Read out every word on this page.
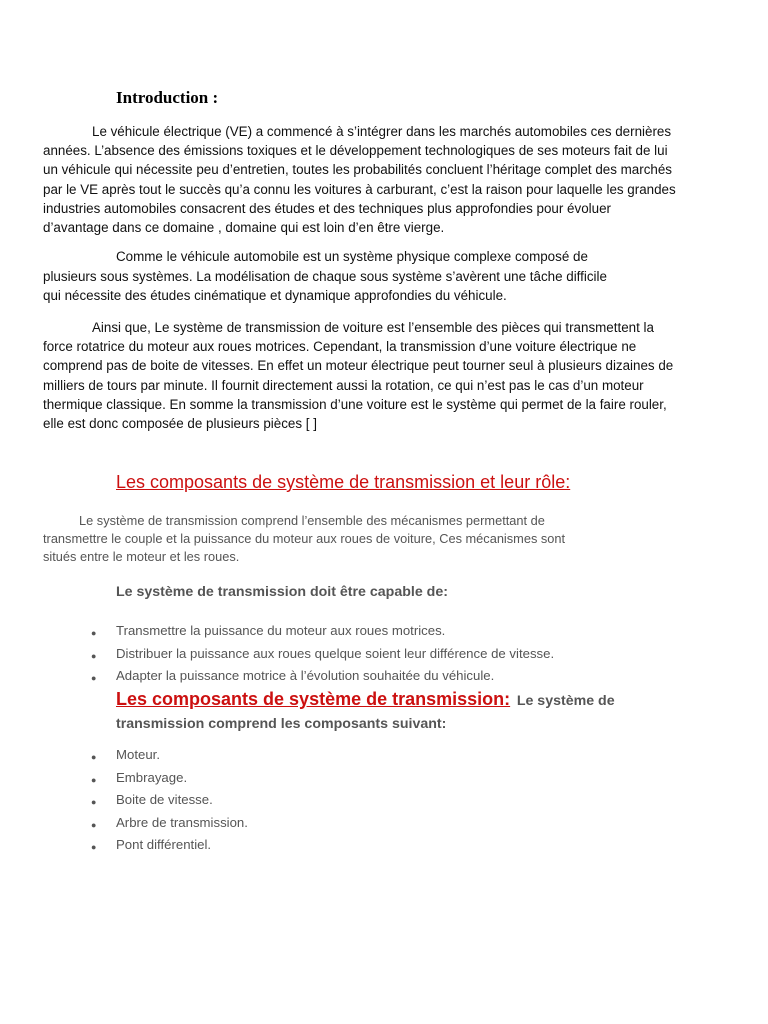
Introduction :

Le véhicule électrique (VE) a commencé à s’intégrer dans les marchés automobiles ces dernières
années. L’absence des émissions toxiques et le développement technologiques de ses moteurs fait de lui
un véhicule qui nécessite peu d’entretien, toutes les probabilités concluent l’héritage complet des marchés
par le VE après tout le succès qu’a connu les voitures à carburant, c’est la raison pour laquelle les grandes
industries automobiles consacrent des études et des techniques plus approfondies pour évoluer
d’avantage dans ce domaine , domaine qui est loin d’en être vierge.

Comme le véhicule automobile est un système physique complexe composé de
plusieurs sous systèmes. La modélisation de chaque sous système s’avèrent une tâche difficile
qui nécessite des études cinématique et dynamique approfondies du véhicule.

Ainsi que, Le système de transmission de voiture est l’ensemble des pièces qui transmettent la
force rotatrice du moteur aux roues motrices. Cependant, la transmission d’une voiture électrique ne
comprend pas de boite de vitesses. En effet un moteur électrique peut tourner seul à plusieurs dizaines de
milliers de tours par minute. Il fournit directement aussi la rotation, ce qui n’est pas le cas d’un moteur
thermique classique. En somme la transmission d’une voiture est le système qui permet de la faire rouler,
elle est donc composée de plusieurs pièces [ ]

Les composants de système de transmission et leur rôle:

Le système de transmission comprend l’ensemble des mécanismes permettant de
transmettre le couple et la puissance du moteur aux roues de voiture, Ces mécanismes sont
situés entre le moteur et les roues.

Le système de transmission doit être capable de:
● Transmettre la puissance du moteur aux roues motrices.
● Distribuer la puissance aux roues quelque soient leur différence de vitesse.
● Adapter la puissance motrice à l’évolution souhaitée du véhicule.
Les composants de système de transmission: Le système de
transmission comprend les composants suivant:
● Moteur.
● Embrayage.
● Boite de vitesse.
● Arbre de transmission.
● Pont différentiel.
